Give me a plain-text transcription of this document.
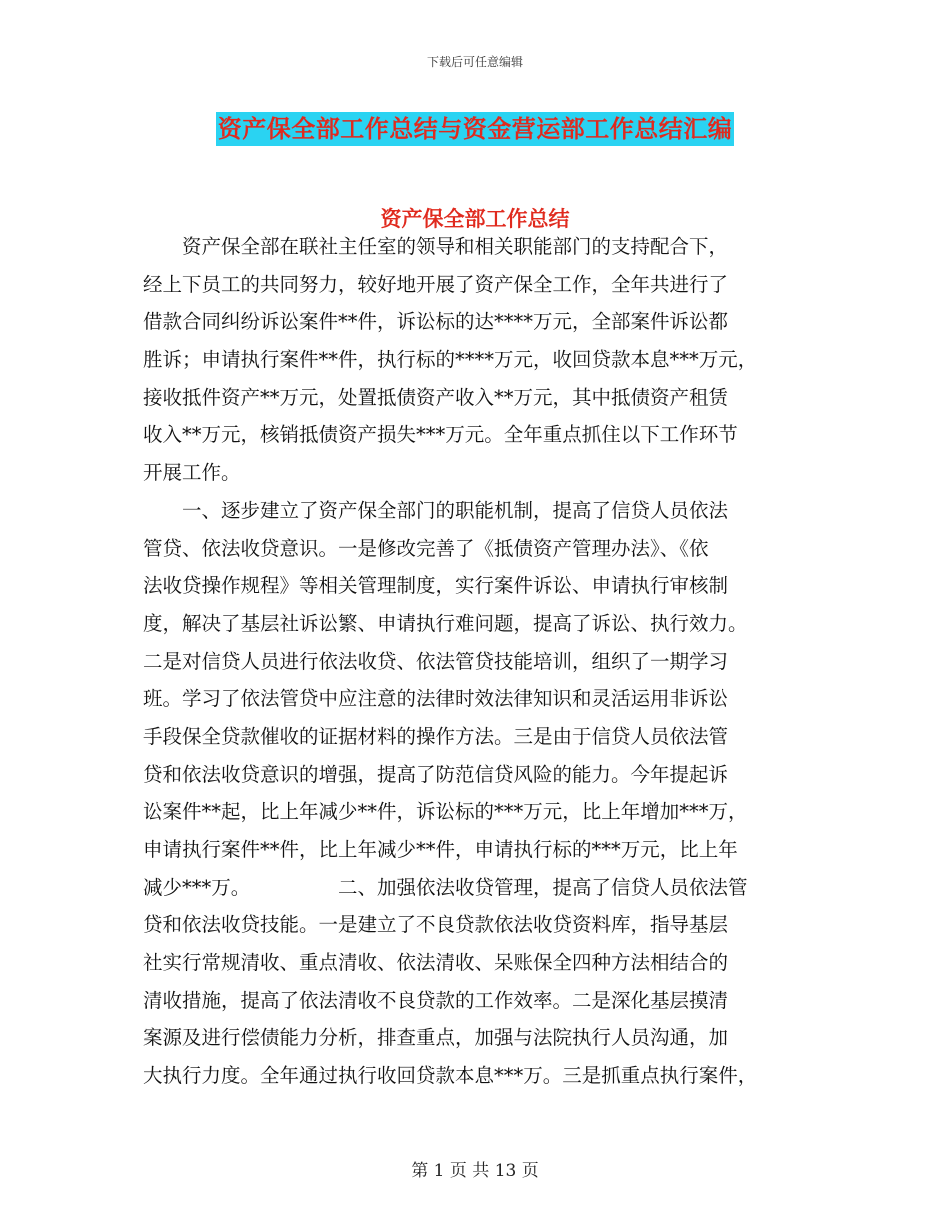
下载后可任意编辑
资产保全部工作总结与资金营运部工作总结汇编
资产保全部工作总结
　　资产保全部在联社主任室的领导和相关职能部门的支持配合下，
经上下员工的共同努力，较好地开展了资产保全工作，全年共进行了
借款合同纠纷诉讼案件**件，诉讼标的达****万元，全部案件诉讼都
胜诉；申请执行案件**件，执行标的****万元，收回贷款本息***万元，
接收抵件资产**万元，处置抵债资产收入**万元，其中抵债资产租赁
收入**万元，核销抵债资产损失***万元。全年重点抓住以下工作环节
开展工作。
　　一、逐步建立了资产保全部门的职能机制，提高了信贷人员依法
管贷、依法收贷意识。一是修改完善了《抵债资产管理办法》、《依
法收贷操作规程》等相关管理制度，实行案件诉讼、申请执行审核制
度，解决了基层社诉讼繁、申请执行难问题，提高了诉讼、执行效力。
二是对信贷人员进行依法收贷、依法管贷技能培训，组织了一期学习
班。学习了依法管贷中应注意的法律时效法律知识和灵活运用非诉讼
手段保全贷款催收的证据材料的操作方法。三是由于信贷人员依法管
贷和依法收贷意识的增强，提高了防范信贷风险的能力。今年提起诉
讼案件**起，比上年减少**件，诉讼标的***万元，比上年增加***万，
申请执行案件**件，比上年减少**件，申请执行标的***万元，比上年
减少***万。　　　　　二、加强依法收贷管理，提高了信贷人员依法管
贷和依法收贷技能。一是建立了不良贷款依法收贷资料库，指导基层
社实行常规清收、重点清收、依法清收、呆账保全四种方法相结合的
清收措施，提高了依法清收不良贷款的工作效率。二是深化基层摸清
案源及进行偿债能力分析，排查重点，加强与法院执行人员沟通，加
大执行力度。全年通过执行收回贷款本息***万。三是抓重点执行案件，
第 1 页 共 13 页
